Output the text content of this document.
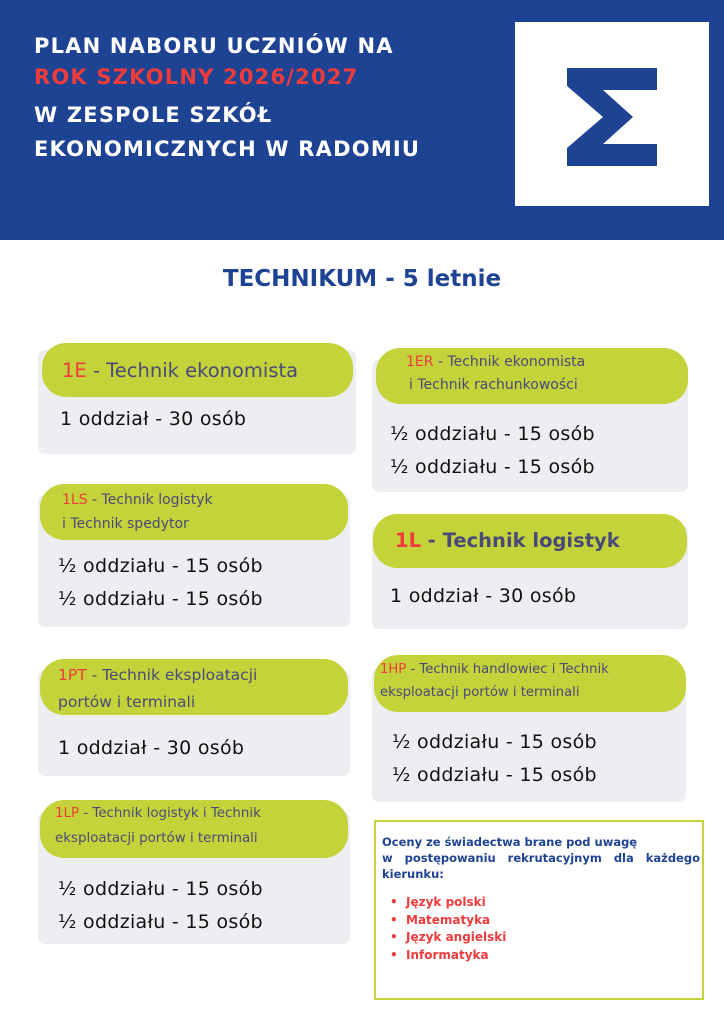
PLAN NABORU UCZNIÓW NA
ROK SZKOLNY 2026/2027
W ZESPOLE SZKÓŁ
EKONOMICZNYCH W RADOMIU
TECHNIKUM - 5 letnie
1E - Technik ekonomista
1 oddział - 30 osób
1ER - Technik ekonomista
i Technik rachunkowości
½ oddziału - 15 osób
½ oddziału - 15 osób
1LS - Technik logistyk
i Technik spedytor
½ oddziału - 15 osób
½ oddziału - 15 osób
1L - Technik logistyk
1 oddział - 30 osób
1PT - Technik eksploatacji
portów i terminali
1 oddział - 30 osób
1HP - Technik handlowiec i Technik
eksploatacji portów i terminali
½ oddziału - 15 osób
½ oddziału - 15 osób
1LP - Technik logistyk i Technik
eksploatacji portów i terminali
½ oddziału - 15 osób
½ oddziału - 15 osób
Oceny ze świadectwa brane pod uwagę
w postępowaniu rekrutacyjnym dla każdego
kierunku:
• Język polski
• Matematyka
• Język angielski
• Informatyka
